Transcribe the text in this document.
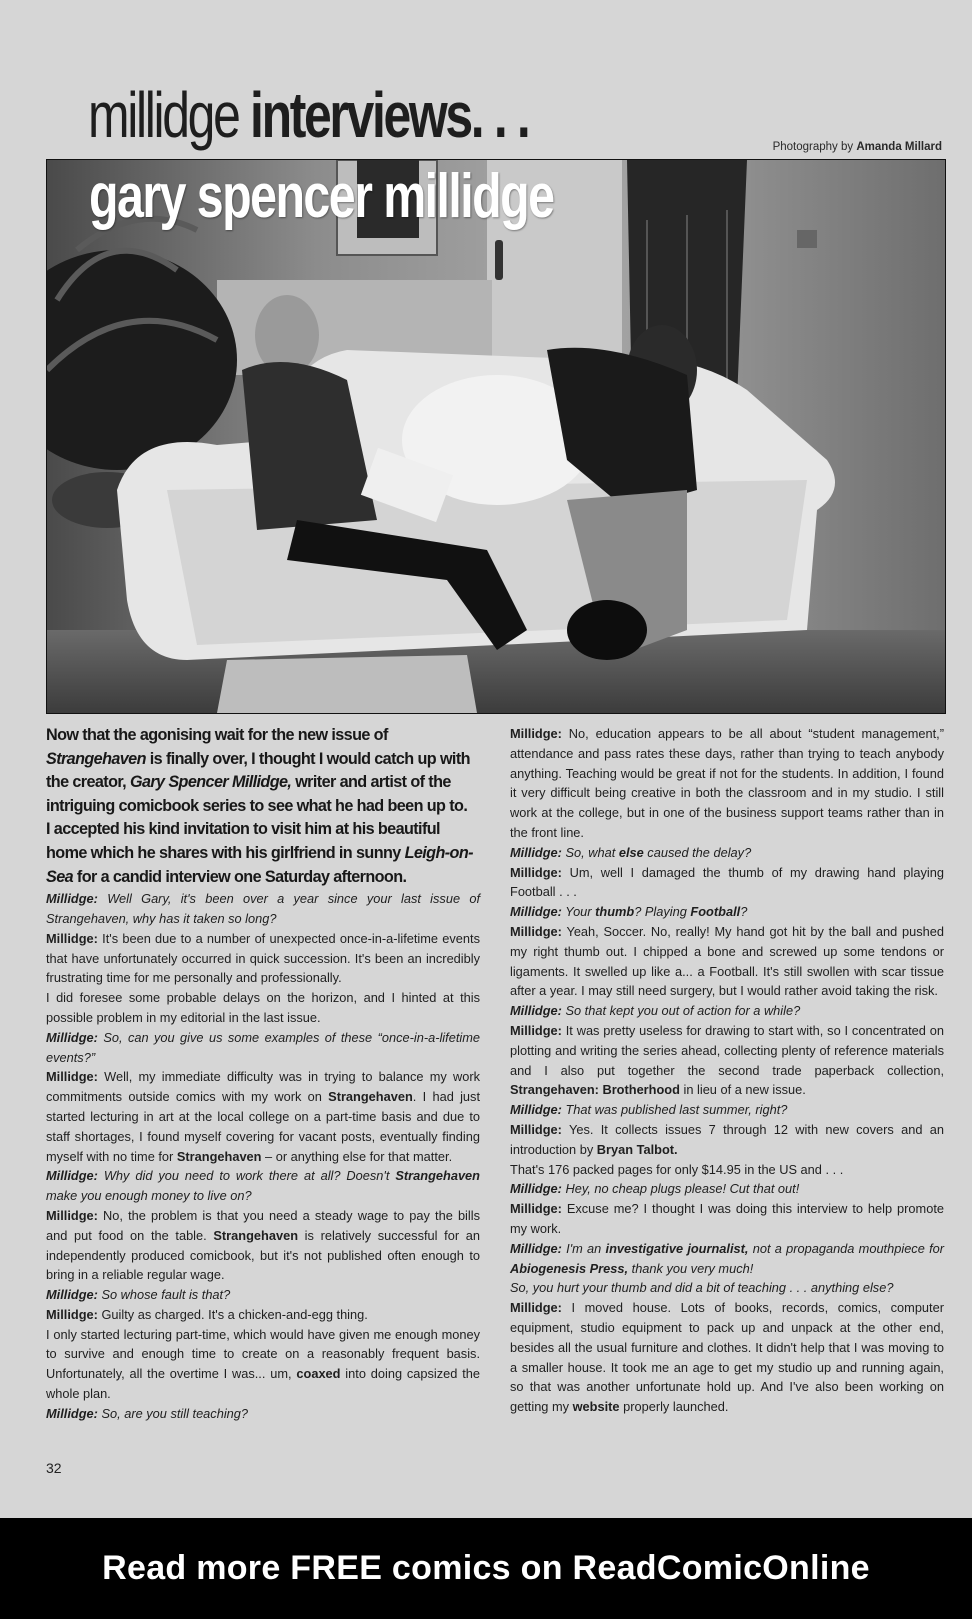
millidge interviews. . .	Photography by Amanda Millard
gary spencer millidge

Now that the agonising wait for the new issue of Strangehaven is finally over, I thought I would catch up with the creator, Gary Spencer Millidge, writer and artist of the intriguing comicbook series to see what he had been up to.

I accepted his kind invitation to visit him at his beautiful home which he shares with his girlfriend in sunny Leigh-on-Sea for a candid interview one Saturday afternoon.

Millidge: Well Gary, it's been over a year since your last issue of Strangehaven, why has it taken so long?

Millidge: It's been due to a number of unexpected once-in-a-lifetime events that have unfortunately occurred in quick succession. It's been an incredibly frustrating time for me personally and professionally.

I did foresee some probable delays on the horizon, and I hinted at this possible problem in my editorial in the last issue.

Millidge: So, can you give us some examples of these “once-in-a-lifetime events?”

Millidge: Well, my immediate difficulty was in trying to balance my work commitments outside comics with my work on Strangehaven. I had just started lecturing in art at the local college on a part-time basis and due to staff shortages, I found myself covering for vacant posts, eventually finding myself with no time for Strangehaven – or anything else for that matter.

Millidge: Why did you need to work there at all? Doesn't Strangehaven make you enough money to live on?

Millidge: No, the problem is that you need a steady wage to pay the bills and put food on the table. Strangehaven is relatively successful for an independently produced comicbook, but it's not published often enough to bring in a reliable regular wage.

Millidge: So whose fault is that?

Millidge: Guilty as charged. It's a chicken-and-egg thing.

I only started lecturing part-time, which would have given me enough money to survive and enough time to create on a reasonably frequent basis. Unfortunately, all the overtime I was... um, coaxed into doing capsized the whole plan.

Millidge: So, are you still teaching?

Millidge: No, education appears to be all about “student management,” attendance and pass rates these days, rather than trying to teach anybody anything. Teaching would be great if not for the students. In addition, I found it very difficult being creative in both the classroom and in my studio. I still work at the college, but in one of the business support teams rather than in the front line.

Millidge: So, what else caused the delay?

Millidge: Um, well I damaged the thumb of my drawing hand playing Football . . .

Millidge: Your thumb? Playing Football?

Millidge: Yeah, Soccer. No, really! My hand got hit by the ball and pushed my right thumb out. I chipped a bone and screwed up some tendons or ligaments. It swelled up like a... a Football. It's still swollen with scar tissue after a year. I may still need surgery, but I would rather avoid taking the risk.

Millidge: So that kept you out of action for a while?

Millidge: It was pretty useless for drawing to start with, so I concentrated on plotting and writing the series ahead, collecting plenty of reference materials and I also put together the second trade paperback collection, Strangehaven: Brotherhood in lieu of a new issue.

Millidge: That was published last summer, right?

Millidge: Yes. It collects issues 7 through 12 with new covers and an introduction by Bryan Talbot.

That's 176 packed pages for only $14.95 in the US and . . .

Millidge: Hey, no cheap plugs please! Cut that out!

Millidge: Excuse me? I thought I was doing this interview to help promote my work.

Millidge: I'm an investigative journalist, not a propaganda mouthpiece for Abiogenesis Press, thank you very much!

So, you hurt your thumb and did a bit of teaching . . . anything else?

Millidge: I moved house. Lots of books, records, comics, computer equipment, studio equipment to pack up and unpack at the other end, besides all the usual furniture and clothes. It didn't help that I was moving to a smaller house. It took me an age to get my studio up and running again, so that was another unfortunate hold up. And I've also been working on getting my website properly launched.

32
Read more FREE comics on ReadComicOnline
